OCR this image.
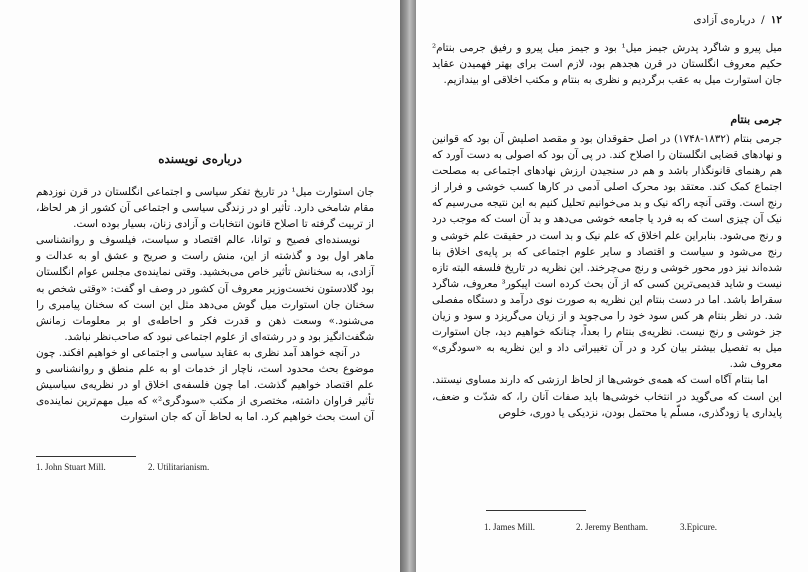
درباره‌ی نویسنده

جان استوارت میل¹ در تاریخ تفکر سیاسی و اجتماعی انگلستان در قرن نوزدهم مقام شامخی دارد. تأثیر او در زندگی سیاسی و اجتماعی آن کشور از هر لحاظ، از تربیت گرفته تا اصلاح قانون انتخابات و آزادی زنان، بسیار بوده است.

نویسنده‌ای فصیح و توانا، عالم اقتصاد و سیاست، فیلسوف و روانشناسی ماهر اول بود و گذشته از این، منش راست و صریح و عشق او به عدالت و آزادی، به سخنانش تأثیر خاص می‌بخشید. وقتی نماینده‌ی مجلس عوام انگلستان بود گلادستون نخست‌وزیر معروف آن کشور در وصف او گفت: «وقتی شخص به سخنان جان استوارت میل گوش می‌دهد مثل این است که سخنان پیامبری را می‌شنود.» وسعت ذهن و قدرت فکر و احاطه‌ی او بر معلومات زمانش شگفت‌انگیز بود و در رشته‌ای از علوم اجتماعی نبود که صاحب‌نظر نباشد.

در آنچه خواهد آمد نظری به عقاید سیاسی و اجتماعی او خواهیم افکند. چون موضوع بحث محدود است، ناچار از خدمات او به علم منطق و روانشناسی و علم اقتصاد خواهیم گذشت. اما چون فلسفه‌ی اخلاق او در نظریه‌ی سیاسیش تأثیر فراوان داشته، مختصری از مکتب «سودگری²» که میل مهم‌ترین نماینده‌ی آن است بحث خواهیم کرد. اما به لحاظ آن که جان استوارت

1. John Stuart Mill.	2. Utilitarianism.
۱۲
/
درباره‌ی آزادی

میل پیرو و شاگرد پدرش جیمز میل¹ بود و جیمز میل پیرو و رفیق جرمی بنتام² حکیم معروف انگلستان در قرن هجدهم بود، لازم است برای بهتر فهمیدن عقاید جان استوارت میل به عقب برگردیم و نظری به بنتام و مکتب اخلاقی او بیندازیم.

جرمی بنتام

جرمی بنتام (۱۸۳۲-۱۷۴۸) در اصل حقوقدان بود و مقصد اصلیش آن بود که قوانین و نهادهای قضایی انگلستان را اصلاح کند. در پی آن بود که اصولی به دست آورد که هم رهنمای قانونگذار باشد و هم در سنجیدن ارزش نهادهای اجتماعی به مصلحت اجتماع کمک کند. معتقد بود محرک اصلی آدمی در کارها کسب خوشی و فرار از رنج است. وقتی آنچه راکه نیک و بد می‌خوانیم تحلیل کنیم به این نتیجه می‌رسیم که نیک آن چیزی است که به فرد یا جامعه خوشی می‌دهد و بد آن است که موجب درد و رنج می‌شود. بنابراین علم اخلاق که علم نیک و بد است در حقیقت علم خوشی و رنج می‌شود و سیاست و اقتصاد و سایر علوم اجتماعی که بر پایه‌ی اخلاق بنا شده‌اند نیز دور محور خوشی و رنج می‌چرخند. این نظریه در تاریخ فلسفه البته تازه نیست و شاید قدیمی‌ترین کسی که از آن بحث کرده است اپیکور³ معروف، شاگرد سقراط باشد. اما در دست بنتام این نظریه به صورت نوی درآمد و دستگاه مفصلی شد. در نظر بنتام هر کس سود خود را می‌جوید و از زیان می‌گریزد و سود و زیان جز خوشی و رنج نیست. نظریه‌ی بنتام را بعداً، چنانکه خواهیم دید، جان استوارت میل به تفصیل بیشتر بیان کرد و در آن تغییراتی داد و این نظریه به «سودگری» معروف شد.

اما بنتام آگاه است که همه‌ی خوشی‌ها از لحاظ ارزشی که دارند مساوی نیستند. این است که می‌گوید در انتخاب خوشی‌ها باید صفات آنان را، که شدّت و ضعف، پایداری یا زودگذری، مسلّم یا محتمل بودن، نزدیکی یا دوری، خلوص

1. James Mill.	2. Jeremy Bentham.	3.Epicure.
